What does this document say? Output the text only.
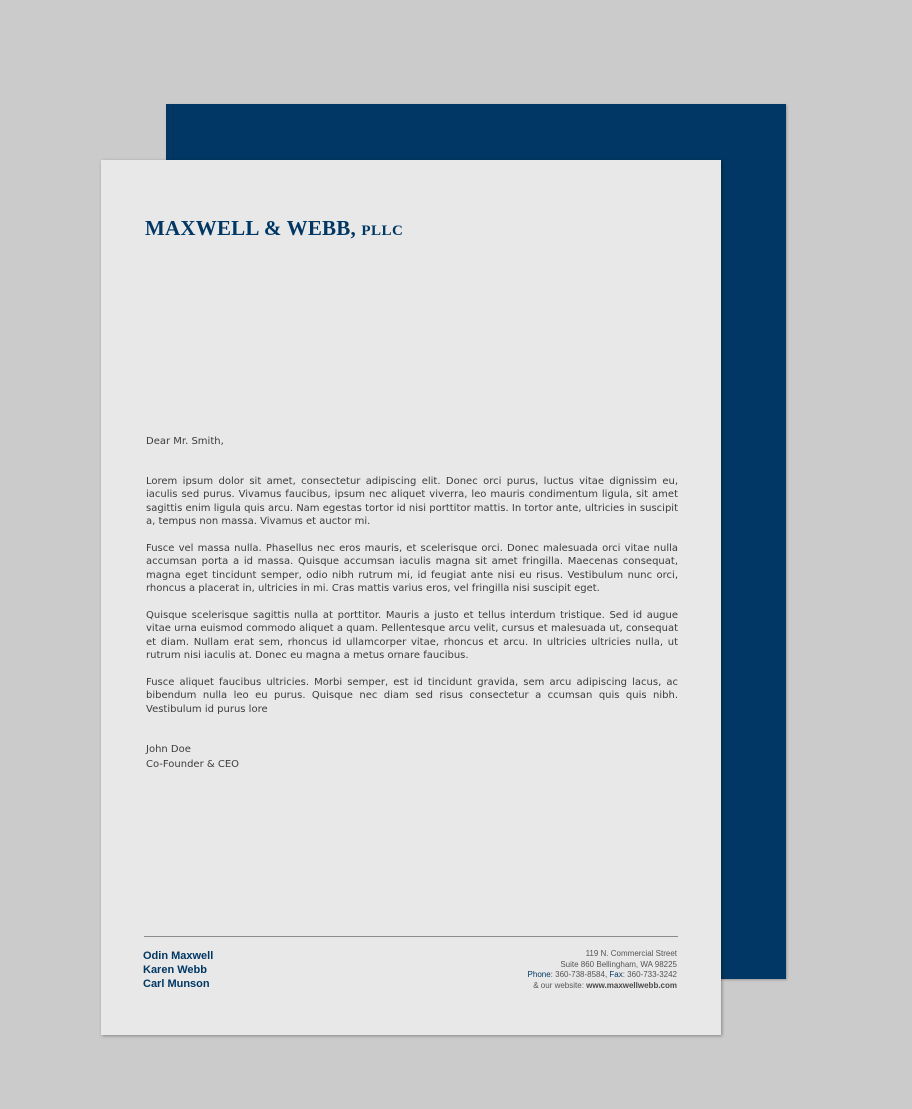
MAXWELL & WEBB, PLLC

Dear Mr. Smith,

Lorem ipsum dolor sit amet, consectetur adipiscing elit. Donec orci purus, luctus vitae dignissim eu, iaculis sed purus. Vivamus faucibus, ipsum nec aliquet viverra, leo mauris condimentum ligula, sit amet sagittis enim ligula quis arcu. Nam egestas tortor id nisi porttitor mattis. In tortor ante, ultricies in suscipit a, tempus non massa. Vivamus et auctor mi.

Fusce vel massa nulla. Phasellus nec eros mauris, et scelerisque orci. Donec malesuada orci vitae nulla accumsan porta a id massa. Quisque accumsan iaculis magna sit amet fringilla. Maecenas consequat, magna eget tincidunt semper, odio nibh rutrum mi, id feugiat ante nisi eu risus. Vestibulum nunc orci, rhoncus a placerat in, ultricies in mi. Cras mattis varius eros, vel fringilla nisi suscipit eget.

Quisque scelerisque sagittis nulla at porttitor. Mauris a justo et tellus interdum tristique. Sed id augue vitae urna euismod commodo aliquet a quam. Pellentesque arcu velit, cursus et malesuada ut, consequat et diam. Nullam erat sem, rhoncus id ullamcorper vitae, rhoncus et arcu. In ultricies ultricies nulla, ut rutrum nisi iaculis at. Donec eu magna a metus ornare faucibus.

Fusce aliquet faucibus ultricies. Morbi semper, est id tincidunt gravida, sem arcu adipiscing lacus, ac bibendum nulla leo eu purus. Quisque nec diam sed risus consectetur a ccumsan quis quis nibh. Vestibulum id purus lore

John Doe
Co-Founder & CEO
Odin Maxwell
Karen Webb
Carl Munson
119 N. Commercial Street
Suite 860 Bellingham, WA 98225
Phone: 360-738-8584, Fax: 360-733-3242
& our website: www.maxwellwebb.com
